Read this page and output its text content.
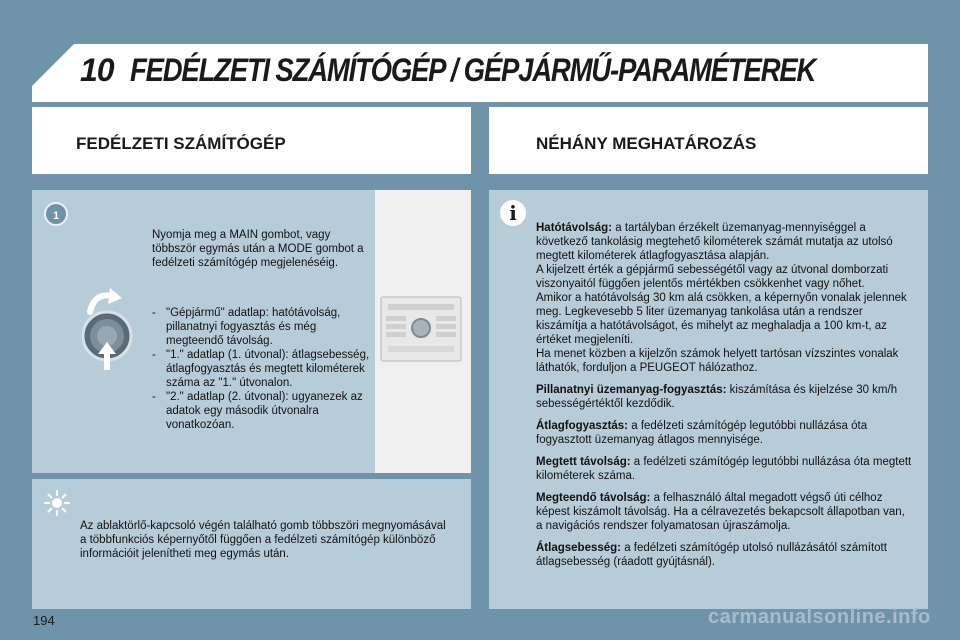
10 FEDÉLZETI SZÁMÍTÓGÉP / GÉPJÁRMŰ-PARAMÉTEREK
FEDÉLZETI SZÁMÍTÓGÉP	NÉHÁNY MEGHATÁROZÁS
1
Nyomja meg a MAIN gombot, vagy többször egymás után a MODE gombot a fedélzeti számítógép megjelenéséig.
- "Gépjármű" adatlap: hatótávolság, pillanatnyi fogyasztás és még megteendő távolság.
- "1." adatlap (1. útvonal): átlagsebesség, átlagfogyasztás és megtett kilométerek száma az "1." útvonalon.
- "2." adatlap (2. útvonal): ugyanezek az adatok egy második útvonalra vonatkozóan.
Az ablaktörlő-kapcsoló végén található gomb többszöri megnyomásával a többfunkciós képernyőtől függően a fedélzeti számítógép különböző információit jelenítheti meg egymás után.
i

Hatótávolság: a tartályban érzékelt üzemanyag-mennyiséggel a következő tankolásig megtehető kilométerek számát mutatja az utolsó megtett kilométerek átlagfogyasztása alapján.
A kijelzett érték a gépjármű sebességétől vagy az útvonal domborzati viszonyaitól függően jelentős mértékben csökkenhet vagy nőhet.
Amikor a hatótávolság 30 km alá csökken, a képernyőn vonalak jelennek meg. Legkevesebb 5 liter üzemanyag tankolása után a rendszer kiszámítja a hatótávolságot, és mihelyt az meghaladja a 100 km-t, az értéket megjeleníti.
Ha menet közben a kijelzőn számok helyett tartósan vízszintes vonalak láthatók, forduljon a PEUGEOT hálózathoz.

Pillanatnyi üzemanyag-fogyasztás: kiszámítása és kijelzése 30 km/h sebességértéktől kezdődik.

Átlagfogyasztás: a fedélzeti számítógép legutóbbi nullázása óta fogyasztott üzemanyag átlagos mennyisége.

Megtett távolság: a fedélzeti számítógép legutóbbi nullázása óta megtett kilométerek száma.

Megteendő távolság: a felhasználó által megadott végső úti célhoz képest kiszámolt távolság. Ha a célravezetés bekapcsolt állapotban van, a navigációs rendszer folyamatosan újraszámolja.

Átlagsebesség: a fedélzeti számítógép utolsó nullázásától számított átlagsebesség (ráadott gyújtásnál).

194	carmanualsonline.info
